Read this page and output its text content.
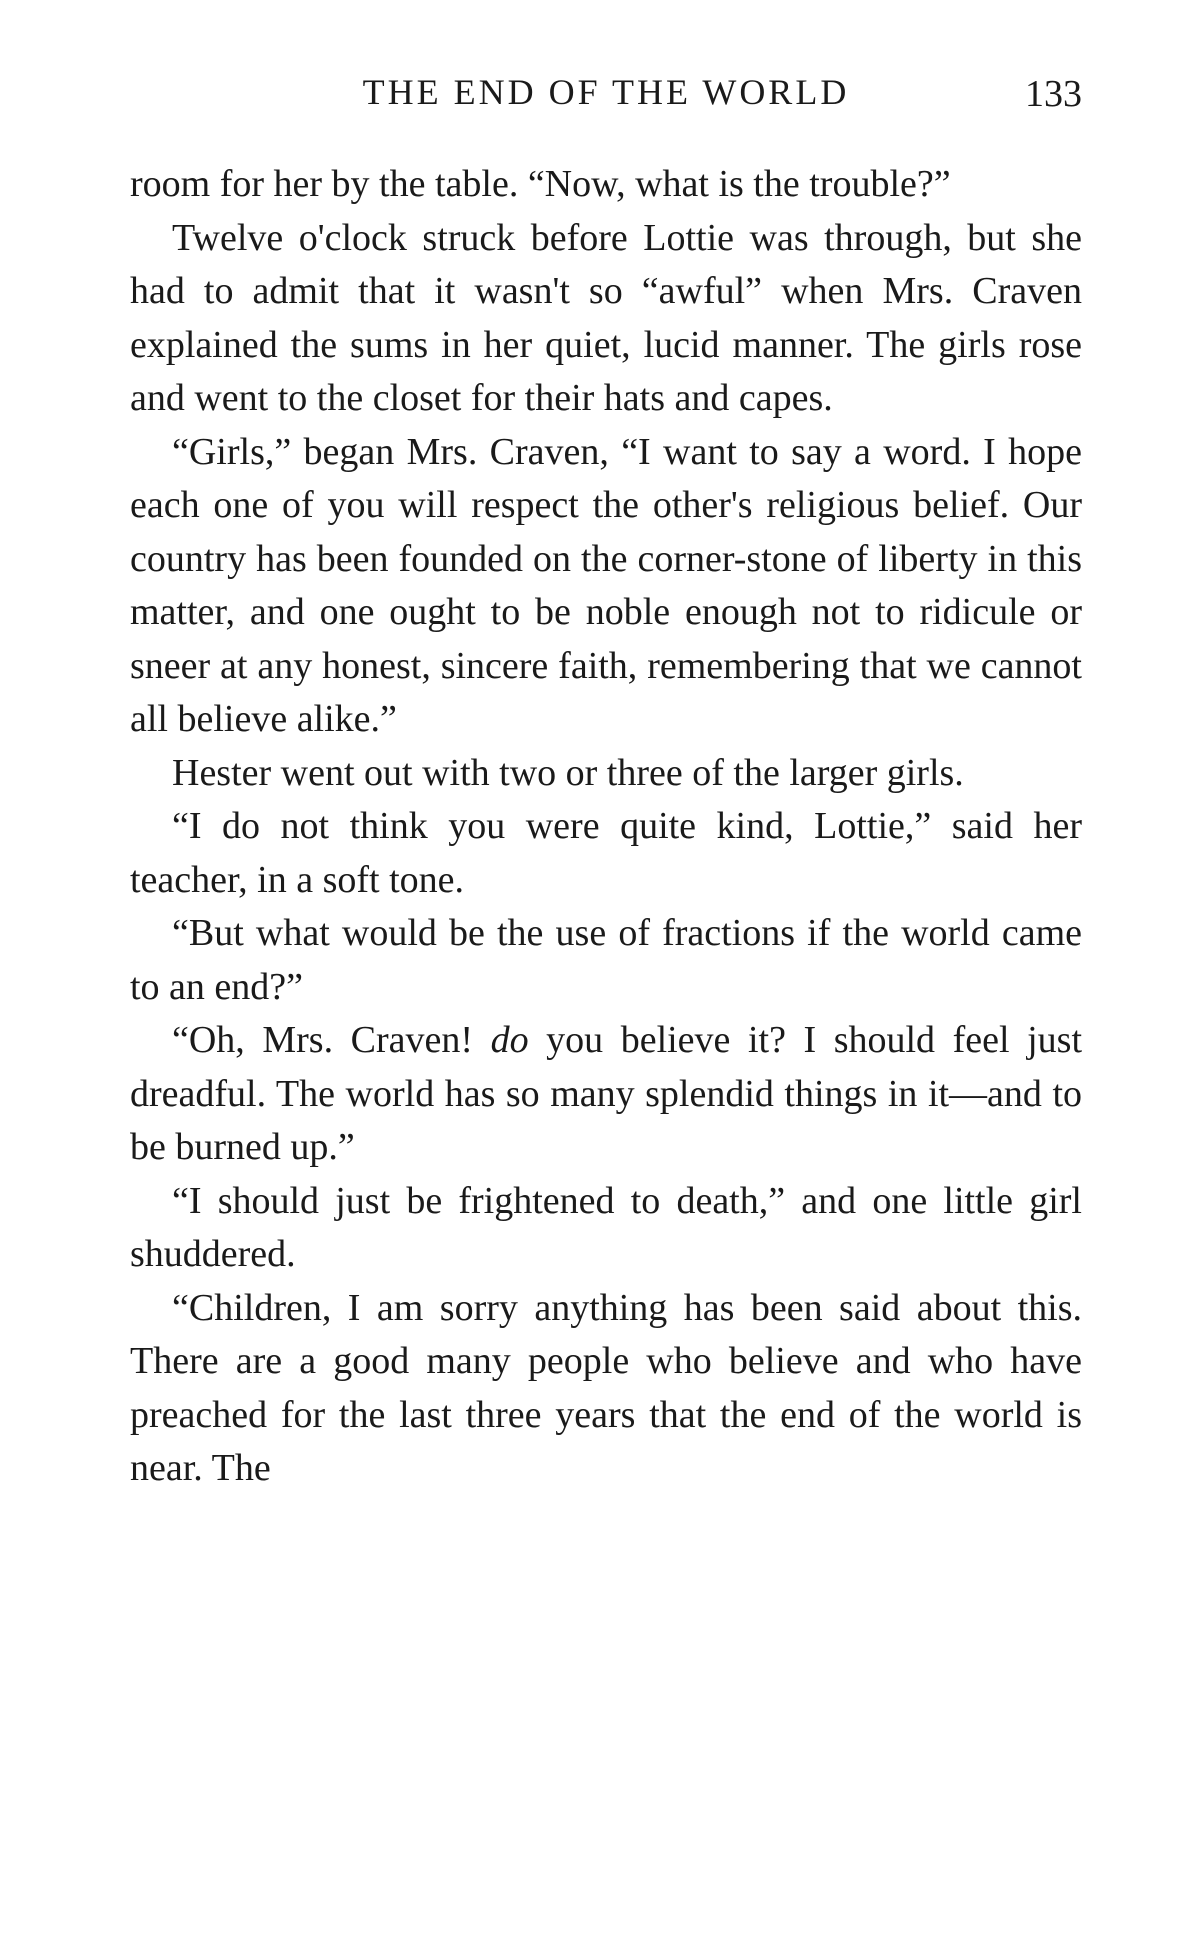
THE END OF THE WORLD	133

room for her by the table. “Now, what is the trouble?”

Twelve o'clock struck before Lottie was through, but she had to admit that it wasn't so “awful” when Mrs. Craven explained the sums in her quiet, lucid manner. The girls rose and went to the closet for their hats and capes.

“Girls,” began Mrs. Craven, “I want to say a word. I hope each one of you will respect the other's religious belief. Our country has been founded on the corner-stone of liberty in this matter, and one ought to be noble enough not to ridicule or sneer at any honest, sincere faith, remembering that we cannot all believe alike.”

Hester went out with two or three of the larger girls.

“I do not think you were quite kind, Lottie,” said her teacher, in a soft tone.

“But what would be the use of fractions if the world came to an end?”

“Oh, Mrs. Craven! do you believe it? I should feel just dreadful. The world has so many splendid things in it—and to be burned up.”

“I should just be frightened to death,” and one little girl shuddered.

“Children, I am sorry anything has been said about this. There are a good many people who believe and who have preached for the last three years that the end of the world is near. The
